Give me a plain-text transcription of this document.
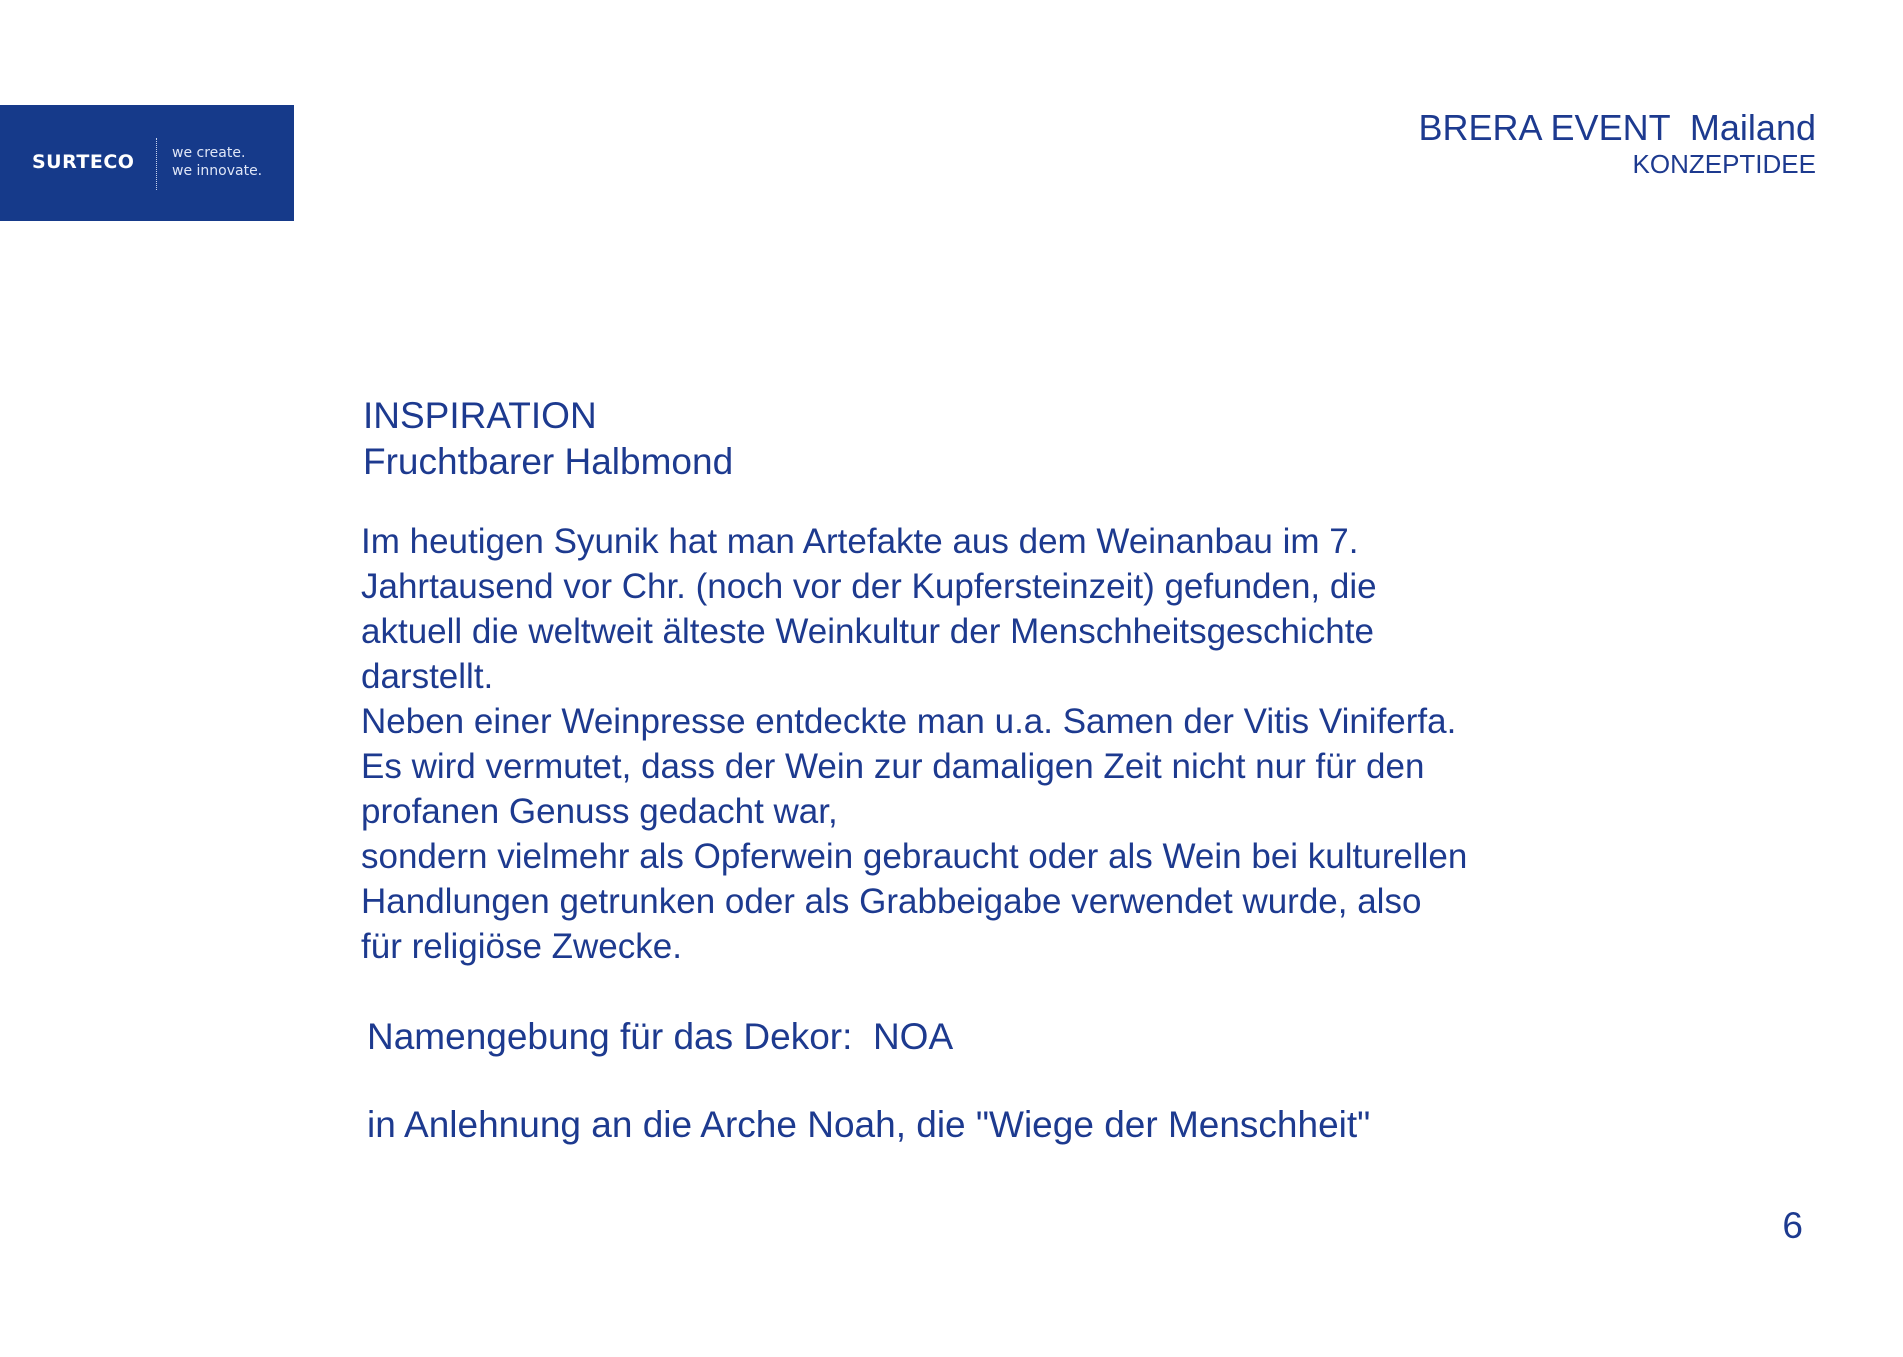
SURTECO	we create.
we innovate.
BRERA EVENT  Mailand
KONZEPTIDEE
INSPIRATION
Fruchtbarer Halbmond
Im heutigen Syunik hat man Artefakte aus dem Weinanbau im 7.
Jahrtausend vor Chr. (noch vor der Kupfersteinzeit) gefunden, die
aktuell die weltweit älteste Weinkultur der Menschheitsgeschichte
darstellt.
Neben einer Weinpresse entdeckte man u.a. Samen der Vitis Viniferfa.
Es wird vermutet, dass der Wein zur damaligen Zeit nicht nur für den
profanen Genuss gedacht war,
sondern vielmehr als Opferwein gebraucht oder als Wein bei kulturellen
Handlungen getrunken oder als Grabbeigabe verwendet wurde, also
für religiöse Zwecke.
Namengebung für das Dekor:  NOA
in Anlehnung an die Arche Noah, die "Wiege der Menschheit"
6
